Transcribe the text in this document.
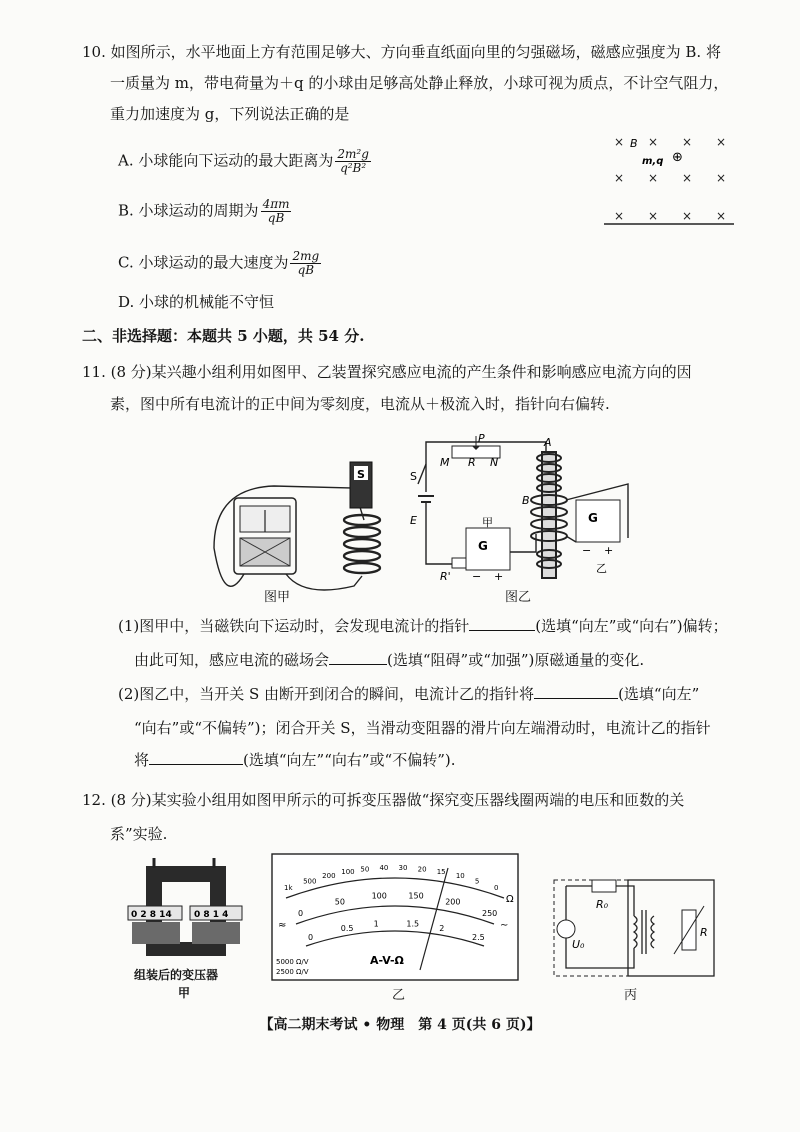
10. 如图所示，水平地面上方有范围足够大、方向垂直纸面向里的匀强磁场，磁感应强度为 B. 将
一质量为 m，带电荷量为＋q 的小球由足够高处静止释放，小球可视为质点，不计空气阻力，
重力加速度为 g，下列说法正确的是
A. 小球能向下运动的最大距离为 $\frac{\text{2m²g}}{\text{q²B²}}$
B. 小球运动的周期为 $\frac{4\pi m}{qB}$
C. 小球运动的最大速度为 $\frac{2mg}{qB}$
D. 小球的机械能不守恒
× × × ×
× × × ×
× × × ×
B
m,q ⊕
二、非选择题：本题共 5 小题，共 54 分.
11. (8 分)某兴趣小组利用如图甲、乙装置探究感应电流的产生条件和影响感应电流方向的因
素，图中所有电流计的正中间为零刻度，电流从＋极流入时，指针向右偏转.
S
图甲
P
M R N
S
E
R'
G
甲
− +
A
B
G
− +
乙
图乙
(1)图甲中，当磁铁向下运动时，会发现电流计的指针	(选填“向左”或“向右”)偏转；
由此可知，感应电流的磁场会	(选填“阻碍”或“加强”)原磁通量的变化.
(2)图乙中，当开关 S 由断开到闭合的瞬间，电流计乙的指针将	(选填“向左”
“向右”或“不偏转”)；闭合开关 S，当滑动变阻器的滑片向左端滑动时，电流计乙的指针
将	(选填“向左”“向右”或“不偏转”).
12. (8 分)某实验小组用如图甲所示的可拆变压器做“探究变压器线圈两端的电压和匝数的关
系”实验.
0 2 8 14 0 8 1 4
组装后的变压器
甲
1k
500
200 100 50 40 30 20 15 10
5
0
0
50
100	150
200
250
0
0.5	1	1.5	2
2.5
Ω
≈	∼
A-V-Ω
5000 Ω/V
2500 Ω/V
乙
R₀
U₀
R
丙
【高二期末考试 • 物理　第 4 页(共 6 页)】
